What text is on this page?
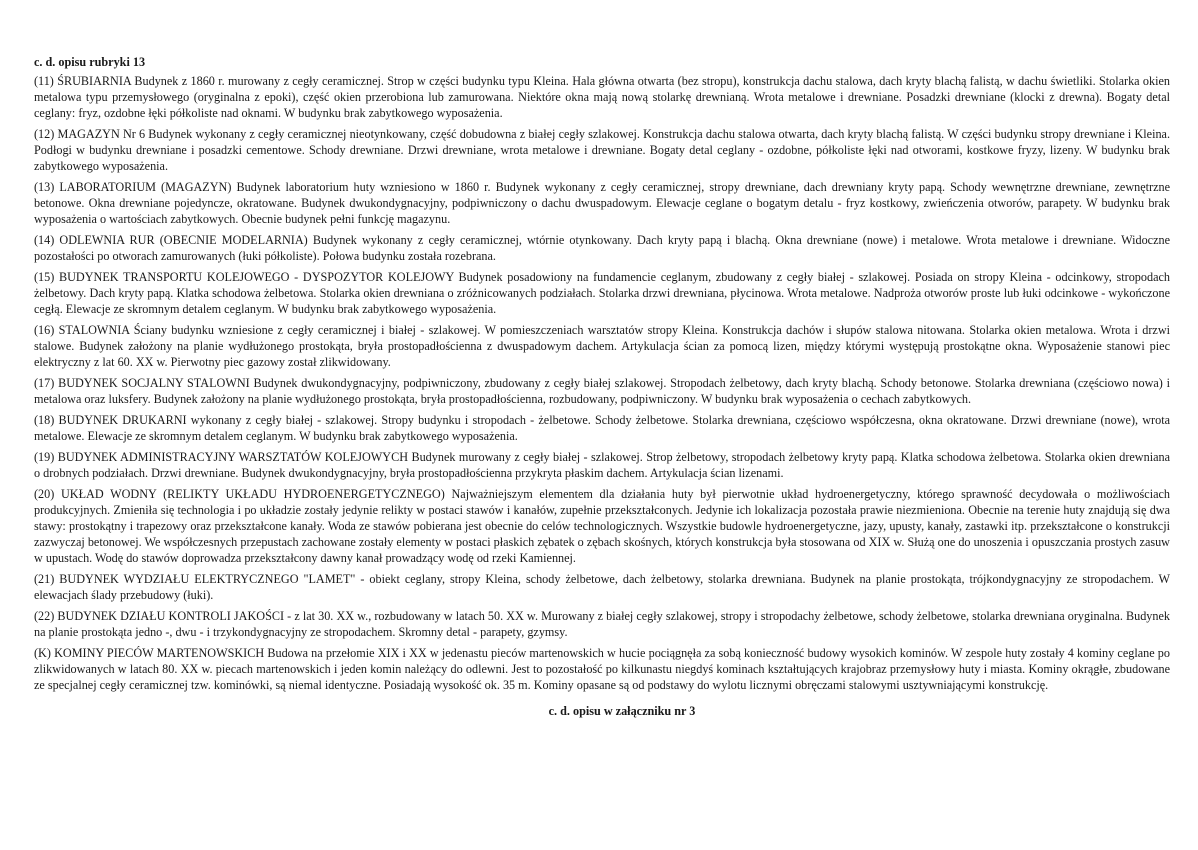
c. d. opisu rubryki 13

(11) ŚRUBIARNIA Budynek z 1860 r. murowany z cegły ceramicznej. Strop w części budynku typu Kleina. Hala główna otwarta (bez stropu), konstrukcja dachu stalowa, dach kryty blachą falistą, w dachu świetliki. Stolarka okien metalowa typu przemysłowego (oryginalna z epoki), część okien przerobiona lub zamurowana. Niektóre okna mają nową stolarkę drewnianą. Wrota metalowe i drewniane. Posadzki drewniane (klocki z drewna). Bogaty detal ceglany: fryz, ozdobne łęki półkoliste nad oknami. W budynku brak zabytkowego wyposażenia.

(12) MAGAZYN Nr 6 Budynek wykonany z cegły ceramicznej nieotynkowany, część dobudowna z białej cegły szlakowej. Konstrukcja dachu stalowa otwarta, dach kryty blachą falistą. W części budynku stropy drewniane i Kleina. Podłogi w budynku drewniane i posadzki cementowe. Schody drewniane. Drzwi drewniane, wrota metalowe i drewniane. Bogaty detal ceglany - ozdobne, półkoliste łęki nad otworami, kostkowe fryzy, lizeny. W budynku brak zabytkowego wyposażenia.

(13) LABORATORIUM (MAGAZYN) Budynek laboratorium huty wzniesiono w 1860 r. Budynek wykonany z cegły ceramicznej, stropy drewniane, dach drewniany kryty papą. Schody wewnętrzne drewniane, zewnętrzne betonowe. Okna drewniane pojedyncze, okratowane. Budynek dwukondygnacyjny, podpiwniczony o dachu dwuspadowym. Elewacje ceglane o bogatym detalu - fryz kostkowy, zwieńczenia otworów, parapety. W budynku brak wyposażenia o wartościach zabytkowych. Obecnie budynek pełni funkcję magazynu.

(14) ODLEWNIA RUR (OBECNIE MODELARNIA) Budynek wykonany z cegły ceramicznej, wtórnie otynkowany. Dach kryty papą i blachą. Okna drewniane (nowe) i metalowe. Wrota metalowe i drewniane. Widoczne pozostałości po otworach zamurowanych (łuki półkoliste). Połowa budynku została rozebrana.

(15) BUDYNEK TRANSPORTU KOLEJOWEGO - DYSPOZYTOR KOLEJOWY Budynek posadowiony na fundamencie ceglanym, zbudowany z cegły białej - szlakowej. Posiada on stropy Kleina - odcinkowy, stropodach żelbetowy. Dach kryty papą. Klatka schodowa żelbetowa. Stolarka okien drewniana o zróżnicowanych podziałach. Stolarka drzwi drewniana, płycinowa. Wrota metalowe. Nadproża otworów proste lub łuki odcinkowe - wykończone cegłą. Elewacje ze skromnym detalem ceglanym. W budynku brak zabytkowego wyposażenia.

(16) STALOWNIA Ściany budynku wzniesione z cegły ceramicznej i białej - szlakowej. W pomieszczeniach warsztatów stropy Kleina. Konstrukcja dachów i słupów stalowa nitowana. Stolarka okien metalowa. Wrota i drzwi stalowe. Budynek założony na planie wydłużonego prostokąta, bryła prostopadłościenna z dwuspadowym dachem. Artykulacja ścian za pomocą lizen, między którymi występują prostokątne okna. Wyposażenie stanowi piec elektryczny z lat 60. XX w. Pierwotny piec gazowy został zlikwidowany.

(17) BUDYNEK SOCJALNY STALOWNI Budynek dwukondygnacyjny, podpiwniczony, zbudowany z cegły białej szlakowej. Stropodach żelbetowy, dach kryty blachą. Schody betonowe. Stolarka drewniana (częściowo nowa) i metalowa oraz luksfery. Budynek założony na planie wydłużonego prostokąta, bryła prostopadłościenna, rozbudowany, podpiwniczony. W budynku brak wyposażenia o cechach zabytkowych.

(18) BUDYNEK DRUKARNI wykonany z cegły białej - szlakowej. Stropy budynku i stropodach - żelbetowe. Schody żelbetowe. Stolarka drewniana, częściowo współczesna, okna okratowane. Drzwi drewniane (nowe), wrota metalowe. Elewacje ze skromnym detalem ceglanym. W budynku brak zabytkowego wyposażenia.

(19) BUDYNEK ADMINISTRACYJNY WARSZTATÓW KOLEJOWYCH Budynek murowany z cegły białej - szlakowej. Strop żelbetowy, stropodach żelbetowy kryty papą. Klatka schodowa żelbetowa. Stolarka okien drewniana o drobnych podziałach. Drzwi drewniane. Budynek dwukondygnacyjny, bryła prostopadłościenna przykryta płaskim dachem. Artykulacja ścian lizenami.

(20) UKŁAD WODNY (RELIKTY UKŁADU HYDROENERGETYCZNEGO) Najważniejszym elementem dla działania huty był pierwotnie układ hydroenergetyczny, którego sprawność decydowała o możliwościach produkcyjnych. Zmieniła się technologia i po układzie zostały jedynie relikty w postaci stawów i kanałów, zupełnie przekształconych. Jedynie ich lokalizacja pozostała prawie niezmieniona. Obecnie na terenie huty znajdują się dwa stawy: prostokątny i trapezowy oraz przekształcone kanały. Woda ze stawów pobierana jest obecnie do celów technologicznych. Wszystkie budowle hydroenergetyczne, jazy, upusty, kanały, zastawki itp. przekształcone o konstrukcji zazwyczaj betonowej. We współczesnych przepustach zachowane zostały elementy w postaci płaskich zębatek o zębach skośnych, których konstrukcja była stosowana od XIX w. Służą one do unoszenia i opuszczania prostych zasuw w upustach. Wodę do stawów doprowadza przekształcony dawny kanał prowadzący wodę od rzeki Kamiennej.

(21) BUDYNEK WYDZIAŁU ELEKTRYCZNEGO "LAMET" - obiekt ceglany, stropy Kleina, schody żelbetowe, dach żelbetowy, stolarka drewniana. Budynek na planie prostokąta, trójkondygnacyjny ze stropodachem. W elewacjach ślady przebudowy (łuki).

(22) BUDYNEK DZIAŁU KONTROLI JAKOŚCI - z lat 30. XX w., rozbudowany w latach 50. XX w. Murowany z białej cegły szlakowej, stropy i stropodachy żelbetowe, schody żelbetowe, stolarka drewniana oryginalna. Budynek na planie prostokąta jedno -, dwu - i trzykondygnacyjny ze stropodachem. Skromny detal - parapety, gzymsy.

(K) KOMINY PIECÓW MARTENOWSKICH Budowa na przełomie XIX i XX w jedenastu pieców martenowskich w hucie pociągnęła za sobą konieczność budowy wysokich kominów. W zespole huty zostały 4 kominy ceglane po zlikwidowanych w latach 80. XX w. piecach martenowskich i jeden komin należący do odlewni. Jest to pozostałość po kilkunastu niegdyś kominach kształtujących krajobraz przemysłowy huty i miasta. Kominy okrągłe, zbudowane ze specjalnej cegły ceramicznej tzw. kominówki, są niemal identyczne. Posiadają wysokość ok. 35 m. Kominy opasane są od podstawy do wylotu licznymi obręczami stalowymi usztywniającymi konstrukcję.

c. d. opisu w załączniku nr 3
